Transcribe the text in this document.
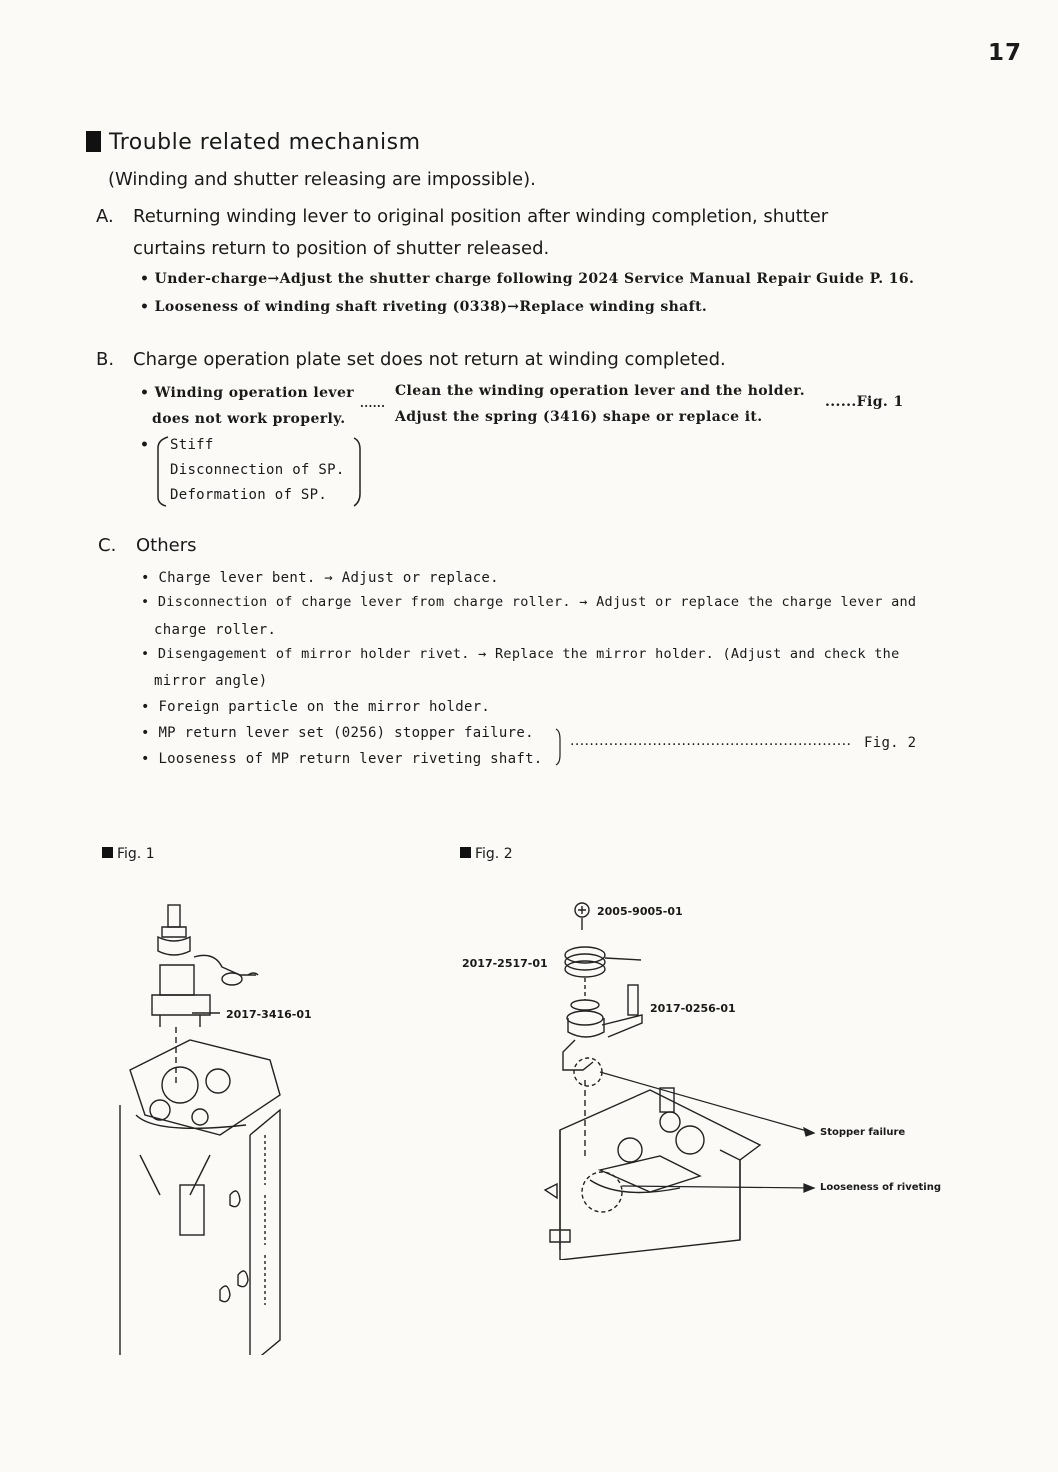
17
Trouble related mechanism
(Winding and shutter releasing are impossible).
A. Returning winding lever to original position after winding completion, shutter
curtains return to position of shutter released.
• Under-charge→Adjust the shutter charge following 2024 Service Manual Repair Guide P. 16.
• Looseness of winding shaft riveting (0338)→Replace winding shaft.
B. Charge operation plate set does not return at winding completed.
• Winding operation lever
does not work properly.
......
Clean the winding operation lever and the holder.
Adjust the spring (3416) shape or replace it.
......Fig. 1
• Stiff
Disconnection of SP.
Deformation of SP.
C. Others
• Charge lever bent. → Adjust or replace.
• Disconnection of charge lever from charge roller. → Adjust or replace the charge lever and
charge roller.
• Disengagement of mirror holder rivet. → Replace the mirror holder. (Adjust and check the
mirror angle)
• Foreign particle on the mirror holder.
• MP return lever set (0256) stopper failure.
• Looseness of MP return lever riveting shaft.
.......................................................... Fig. 2
Fig. 1	Fig. 2
2017-3416-01
2005-9005-01
2017-2517-01
2017-0256-01
Stopper failure
Looseness of riveting
